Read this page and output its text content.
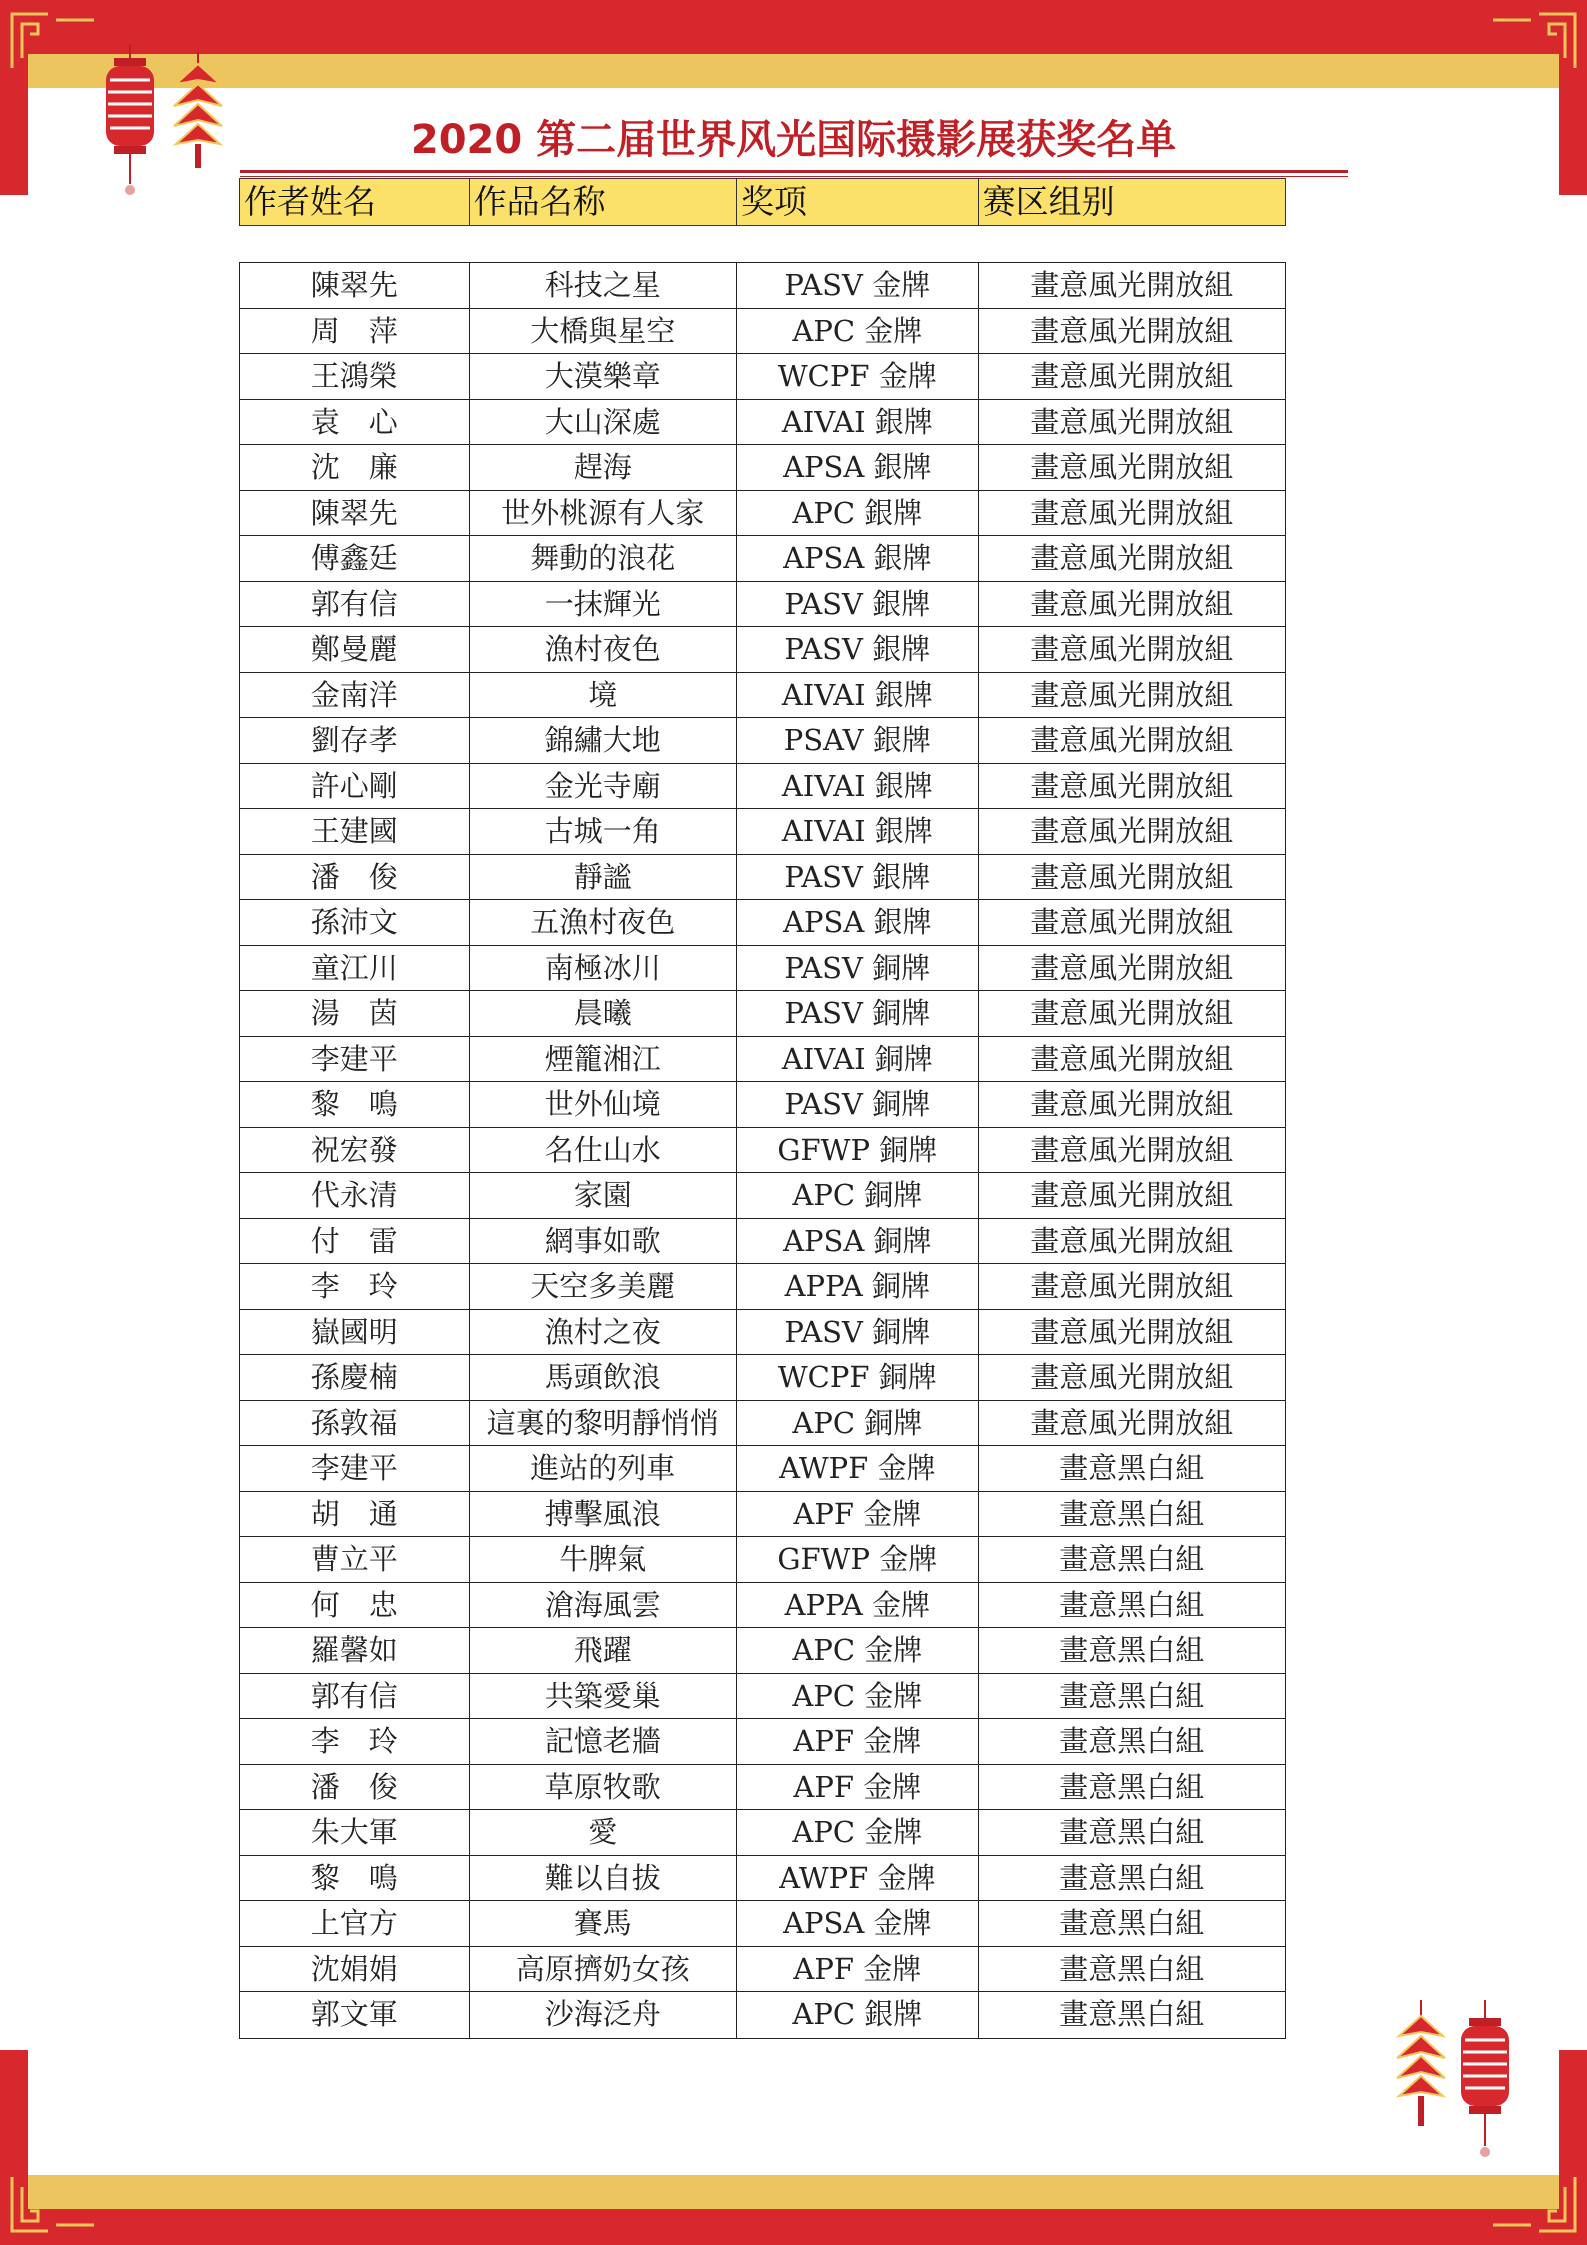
2020 第二届世界风光国际摄影展获奖名单
作者姓名	作品名称	奖项	赛区组别
陳翠先	科技之星	PASV 金牌	畫意風光開放組
周　萍	大橋與星空	APC 金牌	畫意風光開放組
王鴻榮	大漠樂章	WCPF 金牌	畫意風光開放組
袁　心	大山深處	AIVAI 銀牌	畫意風光開放組
沈　廉	趕海	APSA 銀牌	畫意風光開放組
陳翠先	世外桃源有人家	APC 銀牌	畫意風光開放組
傅鑫廷	舞動的浪花	APSA 銀牌	畫意風光開放組
郭有信	一抹輝光	PASV 銀牌	畫意風光開放組
鄭曼麗	漁村夜色	PASV 銀牌	畫意風光開放組
金南洋	境	AIVAI 銀牌	畫意風光開放組
劉存孝	錦繡大地	PSAV 銀牌	畫意風光開放組
許心剛	金光寺廟	AIVAI 銀牌	畫意風光開放組
王建國	古城一角	AIVAI 銀牌	畫意風光開放組
潘　俊	靜謐	PASV 銀牌	畫意風光開放組
孫沛文	五漁村夜色	APSA 銀牌	畫意風光開放組
童江川	南極冰川	PASV 銅牌	畫意風光開放組
湯　茵	晨曦	PASV 銅牌	畫意風光開放組
李建平	煙籠湘江	AIVAI 銅牌	畫意風光開放組
黎　鳴	世外仙境	PASV 銅牌	畫意風光開放組
祝宏發	名仕山水	GFWP 銅牌	畫意風光開放組
代永清	家園	APC 銅牌	畫意風光開放組
付　雷	網事如歌	APSA 銅牌	畫意風光開放組
李　玲	天空多美麗	APPA 銅牌	畫意風光開放組
嶽國明	漁村之夜	PASV 銅牌	畫意風光開放組
孫慶楠	馬頭飲浪	WCPF 銅牌	畫意風光開放組
孫敦福	這裏的黎明靜悄悄	APC 銅牌	畫意風光開放組
李建平	進站的列車	AWPF 金牌	畫意黑白組
胡　通	搏擊風浪	APF 金牌	畫意黑白組
曹立平	牛脾氣	GFWP 金牌	畫意黑白組
何　忠	滄海風雲	APPA 金牌	畫意黑白組
羅馨如	飛躍	APC 金牌	畫意黑白組
郭有信	共築愛巢	APC 金牌	畫意黑白組
李　玲	記憶老牆	APF 金牌	畫意黑白組
潘　俊	草原牧歌	APF 金牌	畫意黑白組
朱大軍	愛	APC 金牌	畫意黑白組
黎　鳴	難以自拔	AWPF 金牌	畫意黑白組
上官方	賽馬	APSA 金牌	畫意黑白組
沈娟娟	高原擠奶女孩	APF 金牌	畫意黑白組
郭文軍	沙海泛舟	APC 銀牌	畫意黑白組
